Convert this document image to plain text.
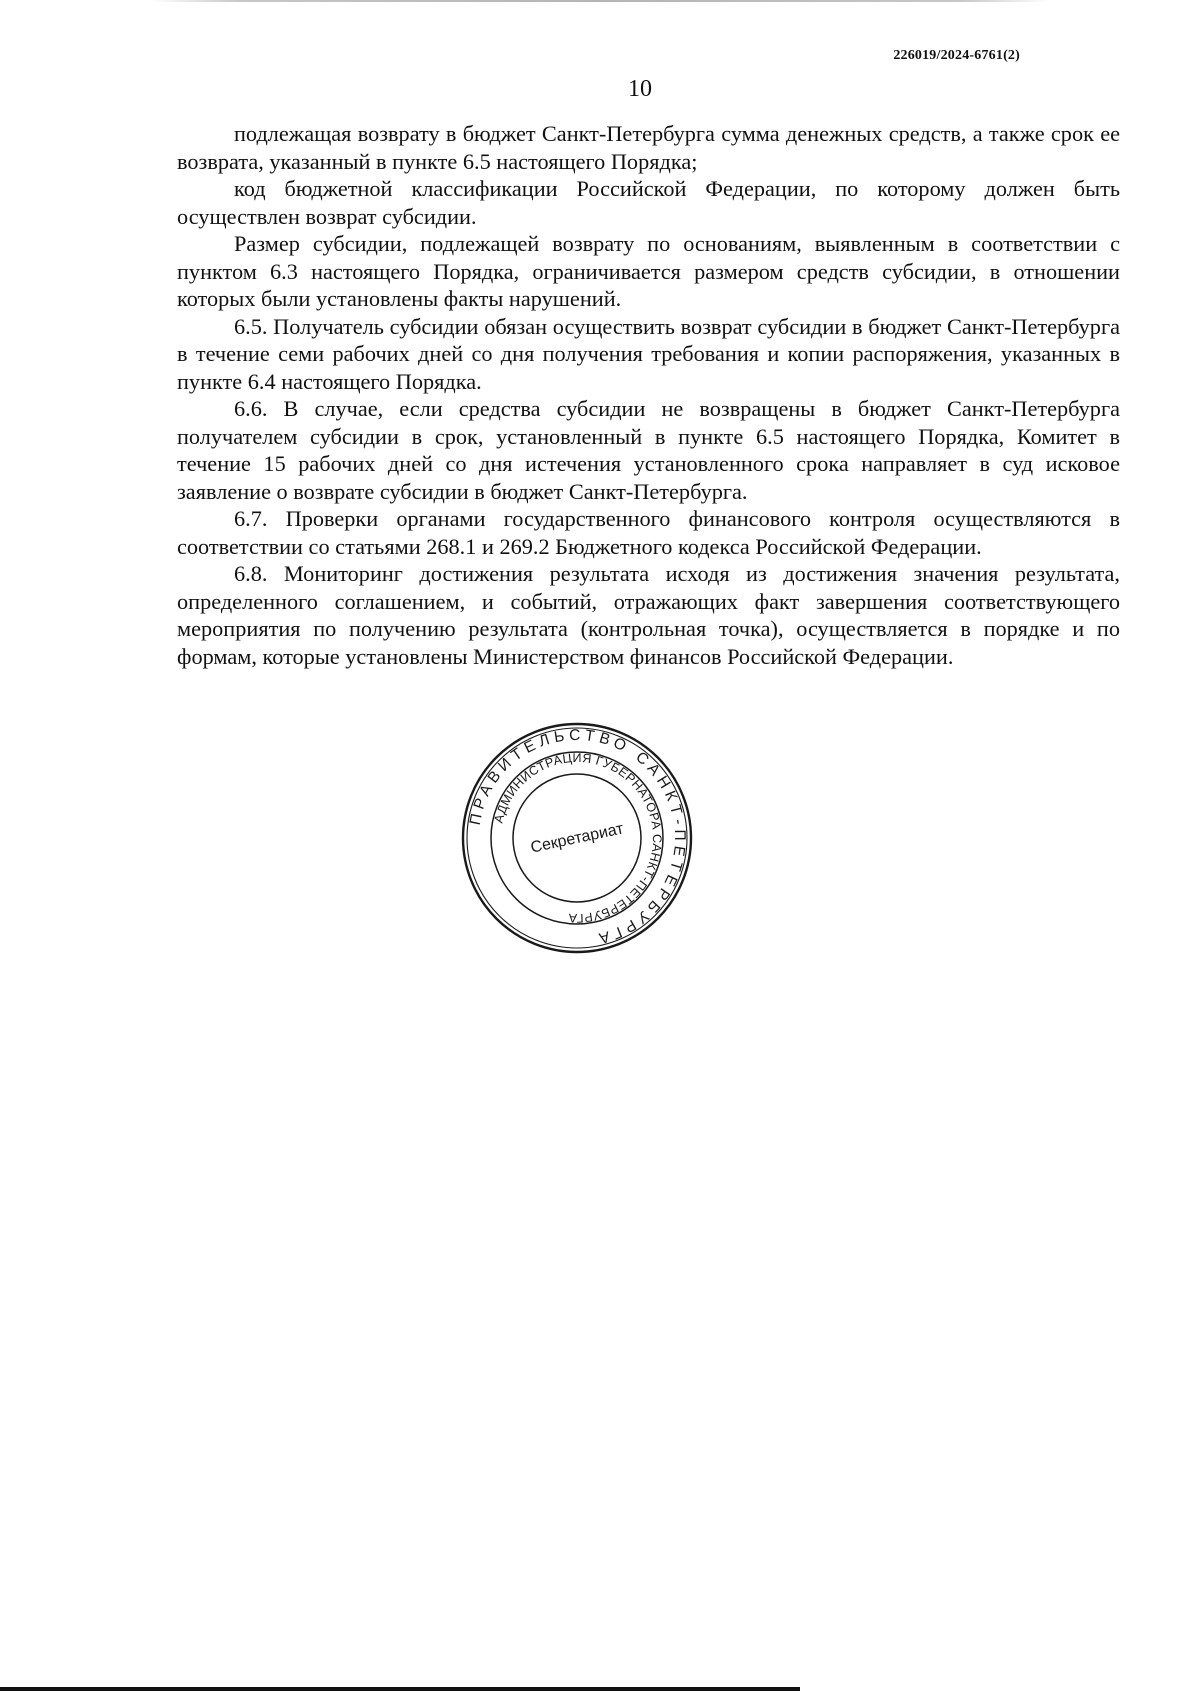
226019/2024-6761(2)
10

подлежащая возврату в бюджет Санкт-Петербурга сумма денежных средств, а также срок ее возврата, указанный в пункте 6.5 настоящего Порядка;

код бюджетной классификации Российской Федерации, по которому должен быть осуществлен возврат субсидии.

Размер субсидии, подлежащей возврату по основаниям, выявленным в соответствии с пунктом 6.3 настоящего Порядка, ограничивается размером средств субсидии, в отношении которых были установлены факты нарушений.

6.5. Получатель субсидии обязан осуществить возврат субсидии в бюджет Санкт-Петербурга в течение семи рабочих дней со дня получения требования и копии распоряжения, указанных в пункте 6.4 настоящего Порядка.

6.6. В случае, если средства субсидии не возвращены в бюджет Санкт-Петербурга получателем субсидии в срок, установленный в пункте 6.5 настоящего Порядка, Комитет в течение 15 рабочих дней со дня истечения установленного срока направляет в суд исковое заявление о возврате субсидии в бюджет Санкт-Петербурга.

6.7. Проверки органами государственного финансового контроля осуществляются в соответствии со статьями 268.1 и 269.2 Бюджетного кодекса Российской Федерации.

6.8. Мониторинг достижения результата исходя из достижения значения результата, определенного соглашением, и событий, отражающих факт завершения соответствующего мероприятия по получению результата (контрольная точка), осуществляется в порядке и по формам, которые установлены Министерством финансов Российской Федерации.

ПРАВИТЕЛЬСТВО САНКТ-ПЕТЕРБУРГА
АДМИНИСТРАЦИЯ ГУБЕРНАТОРА САНКТ-ПЕТЕРБУРГА
Секретариат
